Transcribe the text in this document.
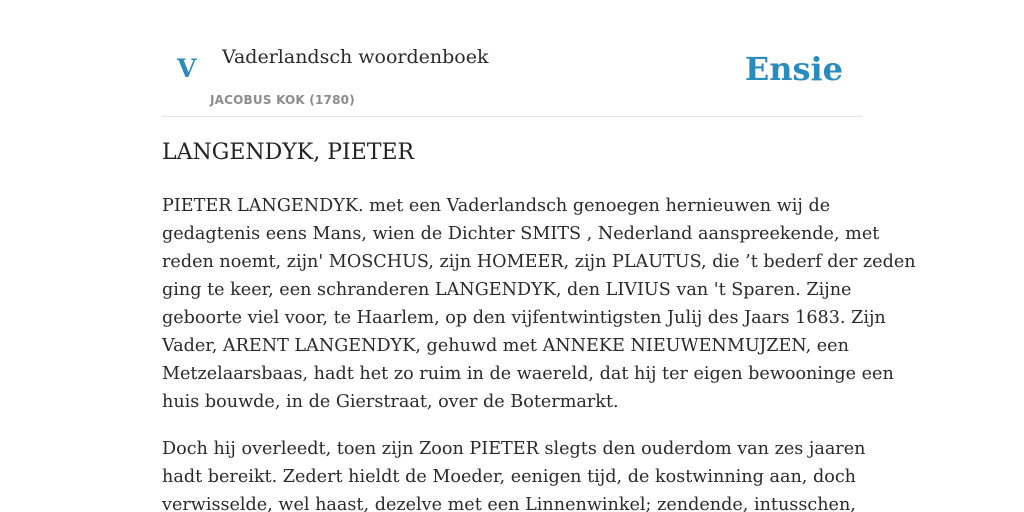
V Vaderlandsch woordenboek
JACOBUS KOK (1780)
Ensie
LANGENDYK, PIETER

PIETER LANGENDYK. met een Vaderlandsch genoegen hernieuwen wij de
gedagtenis eens Mans, wien de Dichter SMITS , Nederland aanspreekende, met
reden noemt, zijn' MOSCHUS, zijn HOMEER, zijn PLAUTUS, die ’t bederf der zeden
ging te keer, een schranderen LANGENDYK, den LIVIUS van 't Sparen. Zijne
geboorte viel voor, te Haarlem, op den vijfentwintigsten Julij des Jaars 1683. Zijn
Vader, ARENT LANGENDYK, gehuwd met ANNEKE NIEUWENMUJZEN, een
Metzelaarsbaas, hadt het zo ruim in de waereld, dat hij ter eigen bewooninge een
huis bouwde, in de Gierstraat, over de Botermarkt.

Doch hij overleedt, toen zijn Zoon PIETER slegts den ouderdom van zes jaaren
hadt bereikt. Zedert hieldt de Moeder, eenigen tijd, de kostwinning aan, doch
verwisselde, wel haast, dezelve met een Linnenwinkel; zendende, intusschen,
